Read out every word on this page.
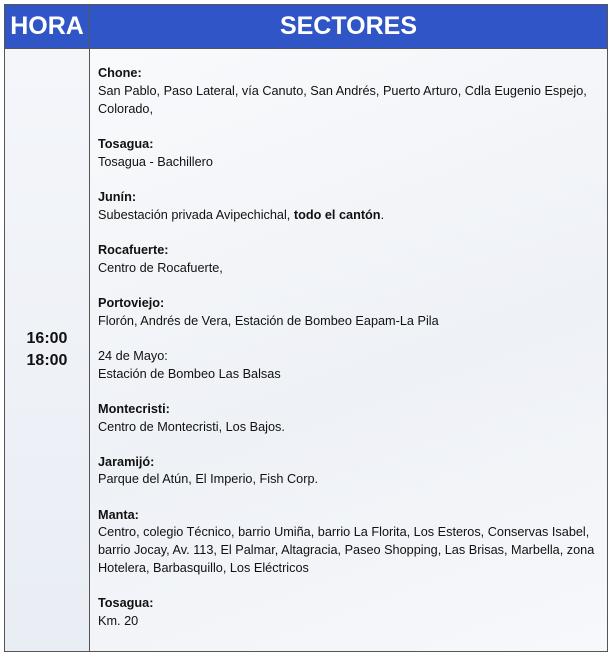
HORA	SECTORES
16:00
18:00
Chone:
San Pablo, Paso Lateral, vía Canuto, San Andrés, Puerto Arturo, Cdla Eugenio Espejo, Colorado,
Tosagua:
Tosagua - Bachillero
Junín:
Subestación privada Avipechichal, todo el cantón.
Rocafuerte:
Centro de Rocafuerte,
Portoviejo:
Florón, Andrés de Vera, Estación de Bombeo Eapam-La Pila
24 de Mayo:
Estación de Bombeo Las Balsas
Montecristi:
Centro de Montecristi, Los Bajos.
Jaramijó:
Parque del Atún, El Imperio, Fish Corp.
Manta:
Centro, colegio Técnico, barrio Umiña, barrio La Florita, Los Esteros, Conservas Isabel, barrio Jocay, Av. 113, El Palmar, Altagracia, Paseo Shopping, Las Brisas, Marbella, zona Hotelera, Barbasquillo, Los Eléctricos
Tosagua:
Km. 20
